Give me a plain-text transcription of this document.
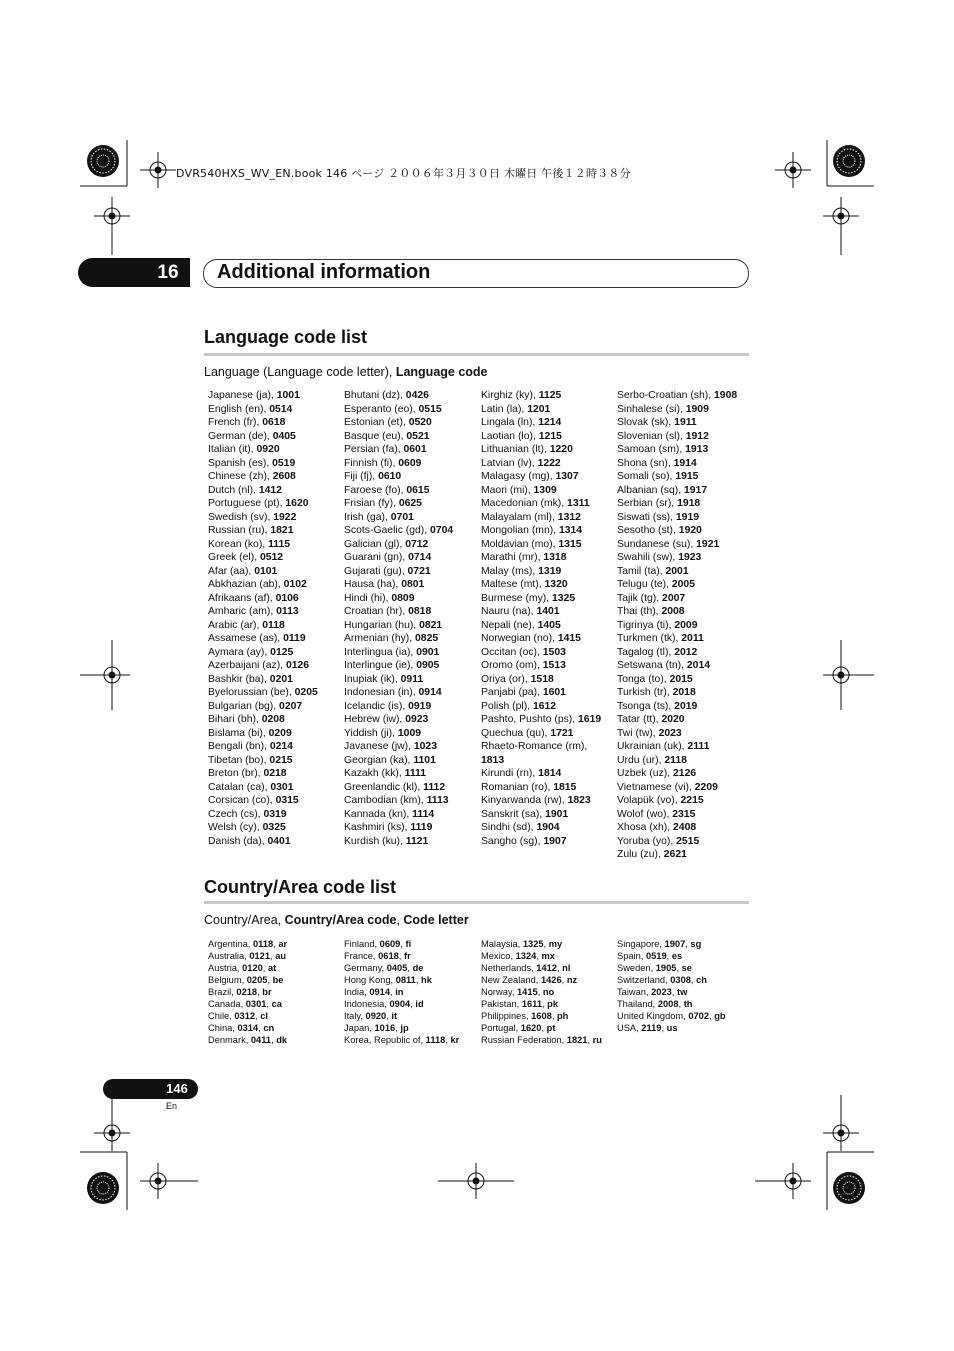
DVR540HXS_WV_EN.book 146 ページ ２００６年３月３０日 木曜日 午後１２時３８分
16	Additional information
Language code list
Language (Language code letter), Language code
Japanese (ja), 1001
English (en), 0514
French (fr), 0618
German (de), 0405
Italian (it), 0920
Spanish (es), 0519
Chinese (zh), 2608
Dutch (nl), 1412
Portuguese (pt), 1620
Swedish (sv), 1922
Russian (ru), 1821
Korean (ko), 1115
Greek (el), 0512
Afar (aa), 0101
Abkhazian (ab), 0102
Afrikaans (af), 0106
Amharic (am), 0113
Arabic (ar), 0118
Assamese (as), 0119
Aymara (ay), 0125
Azerbaijani (az), 0126
Bashkir (ba), 0201
Byelorussian (be), 0205
Bulgarian (bg), 0207
Bihari (bh), 0208
Bislama (bi), 0209
Bengali (bn), 0214
Tibetan (bo), 0215
Breton (br), 0218
Catalan (ca), 0301
Corsican (co), 0315
Czech (cs), 0319
Welsh (cy), 0325
Danish (da), 0401
Bhutani (dz), 0426
Esperanto (eo), 0515
Estonian (et), 0520
Basque (eu), 0521
Persian (fa), 0601
Finnish (fi), 0609
Fiji (fj), 0610
Faroese (fo), 0615
Frisian (fy), 0625
Irish (ga), 0701
Scots-Gaelic (gd), 0704
Galician (gl), 0712
Guarani (gn), 0714
Gujarati (gu), 0721
Hausa (ha), 0801
Hindi (hi), 0809
Croatian (hr), 0818
Hungarian (hu), 0821
Armenian (hy), 0825
Interlingua (ia), 0901
Interlingue (ie), 0905
Inupiak (ik), 0911
Indonesian (in), 0914
Icelandic (is), 0919
Hebrew (iw), 0923
Yiddish (ji), 1009
Javanese (jw), 1023
Georgian (ka), 1101
Kazakh (kk), 1111
Greenlandic (kl), 1112
Cambodian (km), 1113
Kannada (kn), 1114
Kashmiri (ks), 1119
Kurdish (ku), 1121
Kirghiz (ky), 1125
Latin (la), 1201
Lingala (ln), 1214
Laotian (lo), 1215
Lithuanian (lt), 1220
Latvian (lv), 1222
Malagasy (mg), 1307
Maori (mi), 1309
Macedonian (mk), 1311
Malayalam (ml), 1312
Mongolian (mn), 1314
Moldavian (mo), 1315
Marathi (mr), 1318
Malay (ms), 1319
Maltese (mt), 1320
Burmese (my), 1325
Nauru (na), 1401
Nepali (ne), 1405
Norwegian (no), 1415
Occitan (oc), 1503
Oromo (om), 1513
Oriya (or), 1518
Panjabi (pa), 1601
Polish (pl), 1612
Pashto, Pushto (ps), 1619
Quechua (qu), 1721
Rhaeto-Romance (rm),
1813
Kirundi (rn), 1814
Romanian (ro), 1815
Kinyarwanda (rw), 1823
Sanskrit (sa), 1901
Sindhi (sd), 1904
Sangho (sg), 1907
Serbo-Croatian (sh), 1908
Sinhalese (si), 1909
Slovak (sk), 1911
Slovenian (sl), 1912
Samoan (sm), 1913
Shona (sn), 1914
Somali (so), 1915
Albanian (sq), 1917
Serbian (sr), 1918
Siswati (ss), 1919
Sesotho (st), 1920
Sundanese (su), 1921
Swahili (sw), 1923
Tamil (ta), 2001
Telugu (te), 2005
Tajik (tg), 2007
Thai (th), 2008
Tigrinya (ti), 2009
Turkmen (tk), 2011
Tagalog (tl), 2012
Setswana (tn), 2014
Tonga (to), 2015
Turkish (tr), 2018
Tsonga (ts), 2019
Tatar (tt), 2020
Twi (tw), 2023
Ukrainian (uk), 2111
Urdu (ur), 2118
Uzbek (uz), 2126
Vietnamese (vi), 2209
Volapük (vo), 2215
Wolof (wo), 2315
Xhosa (xh), 2408
Yoruba (yo), 2515
Zulu (zu), 2621
Country/Area code list
Country/Area, Country/Area code, Code letter
Argentina, 0118, ar
Australia, 0121, au
Austria, 0120, at
Belgium, 0205, be
Brazil, 0218, br
Canada, 0301, ca
Chile, 0312, cl
China, 0314, cn
Denmark, 0411, dk
Finland, 0609, fi
France, 0618, fr
Germany, 0405, de
Hong Kong, 0811, hk
India, 0914, in
Indonesia, 0904, id
Italy, 0920, it
Japan, 1016, jp
Korea, Republic of, 1118, kr
Malaysia, 1325, my
Mexico, 1324, mx
Netherlands, 1412, nl
New Zealand, 1426, nz
Norway, 1415, no
Pakistan, 1611, pk
Philippines, 1608, ph
Portugal, 1620, pt
Russian Federation, 1821, ru
Singapore, 1907, sg
Spain, 0519, es
Sweden, 1905, se
Switzerland, 0308, ch
Taiwan, 2023, tw
Thailand, 2008, th
United Kingdom, 0702, gb
USA, 2119, us
146
En
